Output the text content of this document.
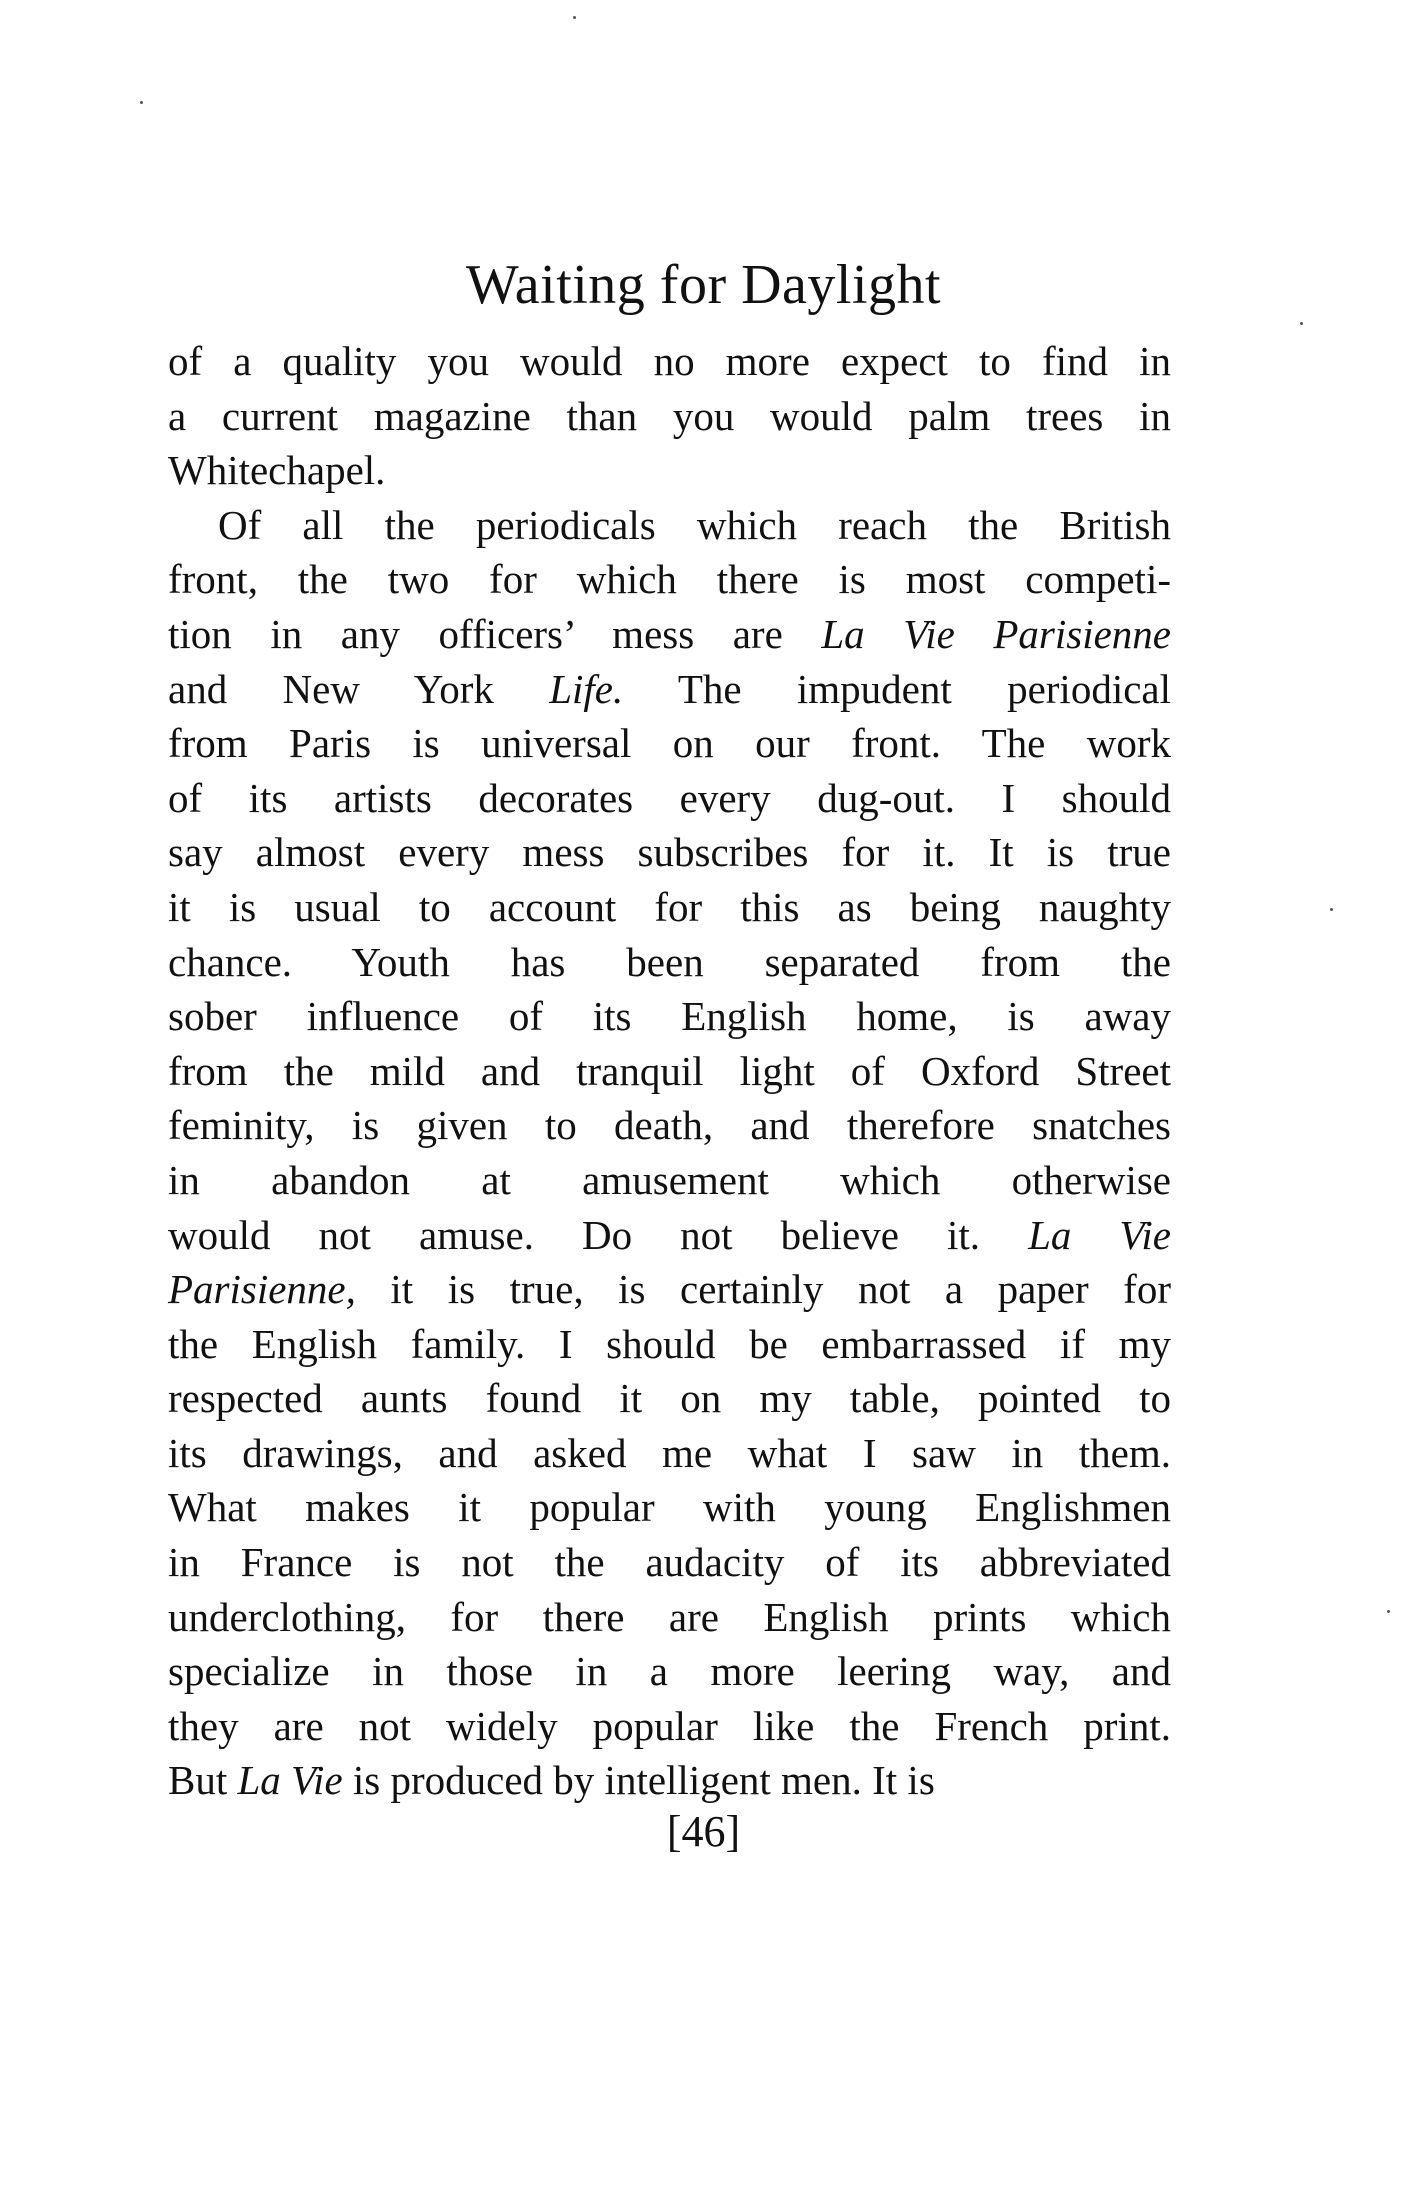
Waiting for Daylight
of a quality you would no more expect to find in
a current magazine than you would palm trees in
Whitechapel.
Of all the periodicals which reach the British
front, the two for which there is most competi-
tion in any officers’ mess are La Vie Parisienne
and New York Life. The impudent periodical
from Paris is universal on our front. The work
of its artists decorates every dug-out. I should
say almost every mess subscribes for it. It is true
it is usual to account for this as being naughty
chance. Youth has been separated from the
sober influence of its English home, is away
from the mild and tranquil light of Oxford Street
feminity, is given to death, and therefore snatches
in abandon at amusement which otherwise
would not amuse. Do not believe it. La Vie
Parisienne, it is true, is certainly not a paper for
the English family. I should be embarrassed if my
respected aunts found it on my table, pointed to
its drawings, and asked me what I saw in them.
What makes it popular with young Englishmen
in France is not the audacity of its abbreviated
underclothing, for there are English prints which
specialize in those in a more leering way, and
they are not widely popular like the French print.
But La Vie is produced by intelligent men. It is
[46]
